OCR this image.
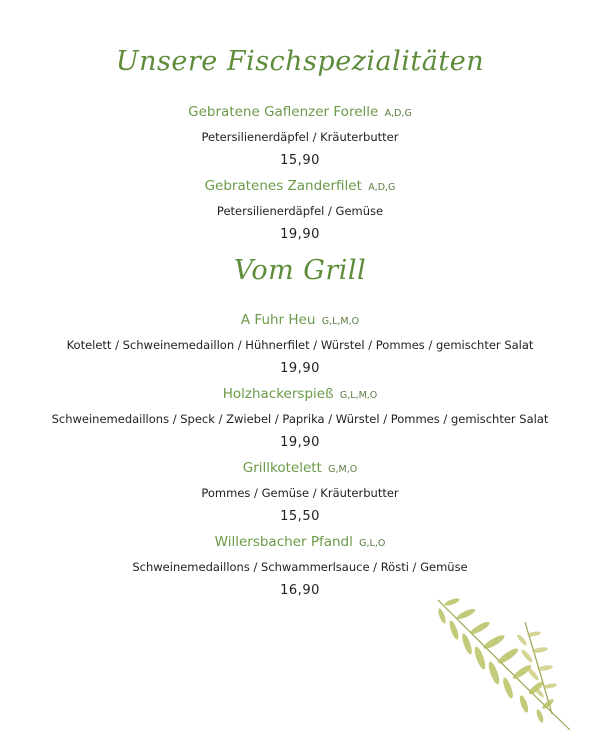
Unsere Fischspezialitäten
Gebratene Gaflenzer Forelle A,D,G
Petersilienerdäpfel / Kräuterbutter
15,90
Gebratenes Zanderfilet A,D,G
Petersilienerdäpfel / Gemüse
19,90
Vom Grill
A Fuhr Heu G,L,M,O
Kotelett / Schweinemedaillon / Hühnerfilet / Würstel / Pommes / gemischter Salat
19,90
Holzhackerspieß G,L,M,O
Schweinemedaillons / Speck / Zwiebel / Paprika / Würstel / Pommes / gemischter Salat
19,90
Grillkotelett G,M,O
Pommes / Gemüse / Kräuterbutter
15,50
Willersbacher Pfandl G,L,O
Schweinemedaillons / Schwammerlsauce / Rösti / Gemüse
16,90
